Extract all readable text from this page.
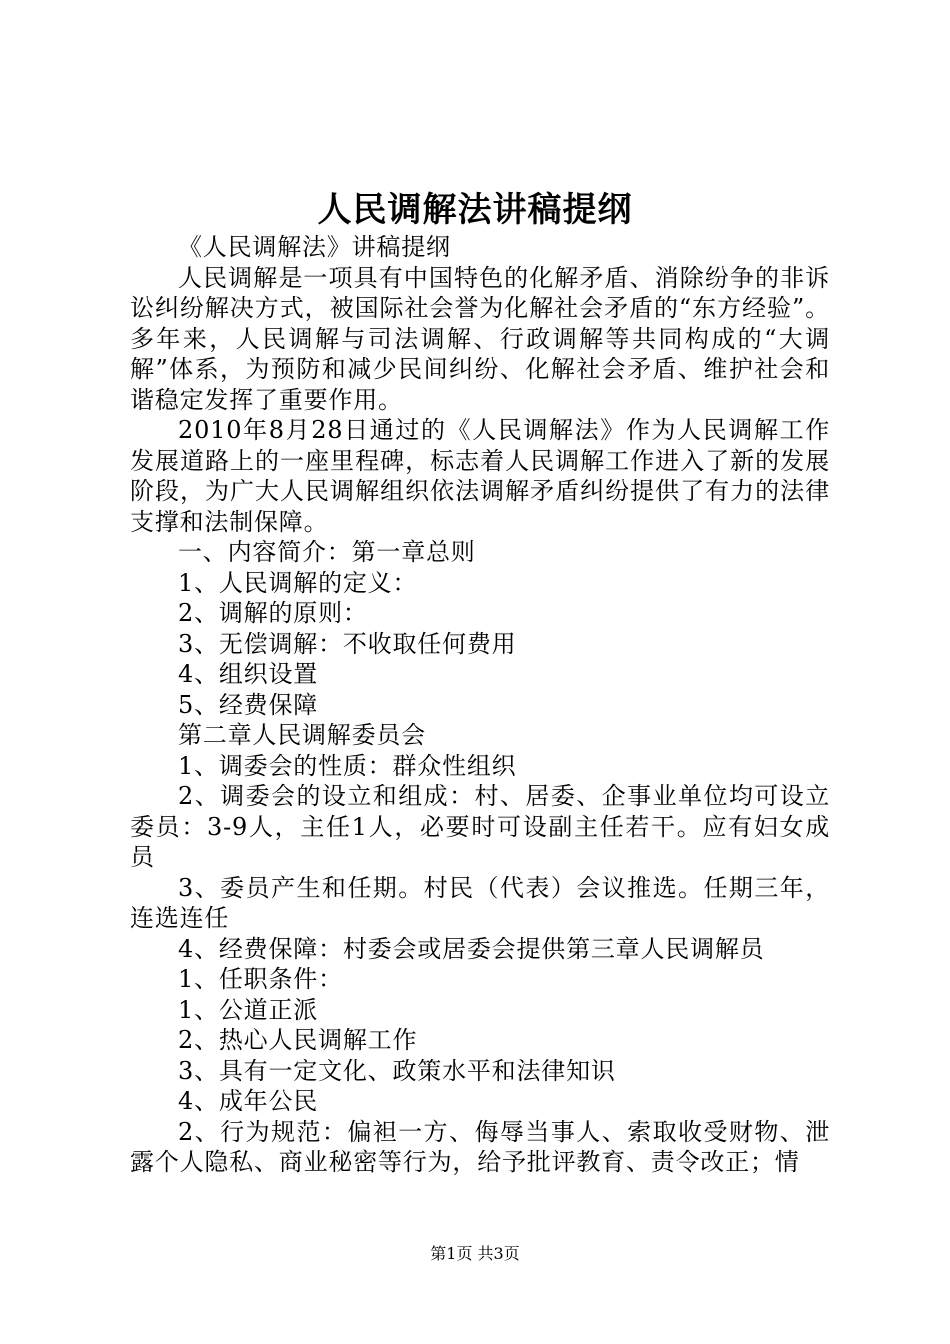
人民调解法讲稿提纲

《人民调解法》讲稿提纲

人民调解是一项具有中国特色的化解矛盾、消除纷争的非诉讼纠纷解决方式，被国际社会誉为化解社会矛盾的“东方经验”。多年来，人民调解与司法调解、行政调解等共同构成的“大调解”体系，为预防和减少民间纠纷、化解社会矛盾、维护社会和谐稳定发挥了重要作用。

2010年8月28日通过的《人民调解法》作为人民调解工作发展道路上的一座里程碑，标志着人民调解工作进入了新的发展阶段，为广大人民调解组织依法调解矛盾纠纷提供了有力的法律支撑和法制保障。

一、内容简介：第一章总则

1、人民调解的定义：

2、调解的原则：

3、无偿调解：不收取任何费用

4、组织设置

5、经费保障

第二章人民调解委员会

1、调委会的性质：群众性组织

2、调委会的设立和组成：村、居委、企事业单位均可设立委员：3-9人，主任1人，必要时可设副主任若干。应有妇女成员

3、委员产生和任期。村民（代表）会议推选。任期三年，连选连任

4、经费保障：村委会或居委会提供第三章人民调解员

1、任职条件：

1、公道正派

2、热心人民调解工作

3、具有一定文化、政策水平和法律知识

4、成年公民

2、行为规范：偏袒一方、侮辱当事人、索取收受财物、泄露个人隐私、商业秘密等行为，给予批评教育、责令改正；情

第1页 共3页
